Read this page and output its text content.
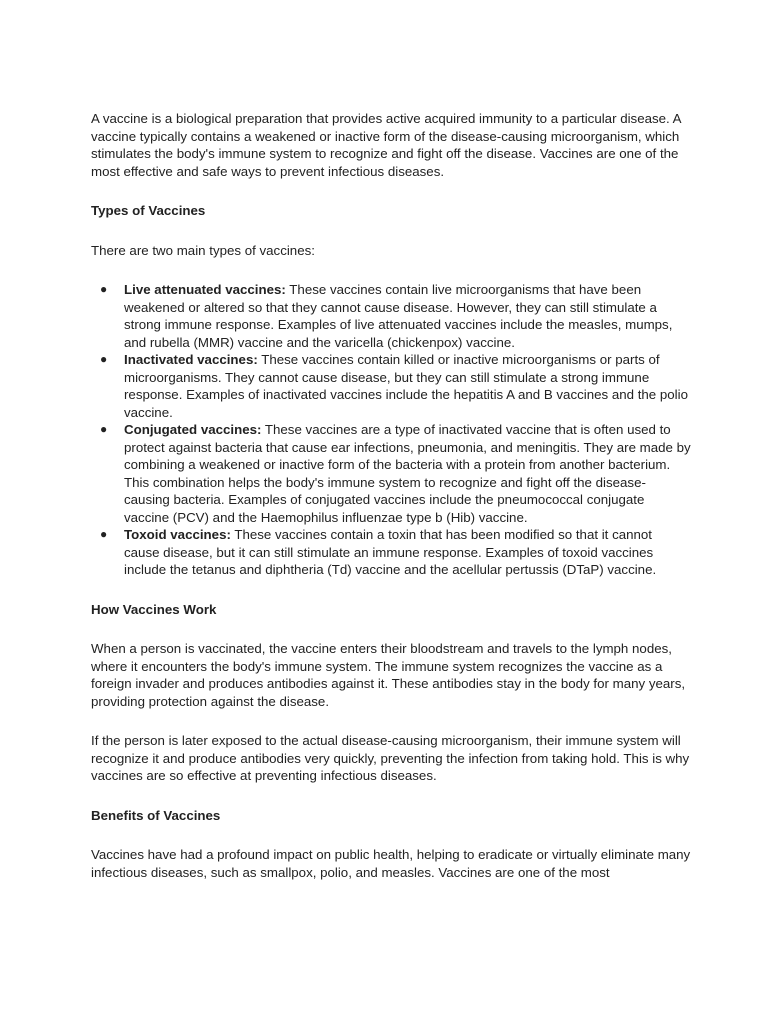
A vaccine is a biological preparation that provides active acquired immunity to a particular disease. A vaccine typically contains a weakened or inactive form of the disease-causing microorganism, which stimulates the body's immune system to recognize and fight off the disease. Vaccines are one of the most effective and safe ways to prevent infectious diseases.

Types of Vaccines

There are two main types of vaccines:

● Live attenuated vaccines: These vaccines contain live microorganisms that have been weakened or altered so that they cannot cause disease. However, they can still stimulate a strong immune response. Examples of live attenuated vaccines include the measles, mumps, and rubella (MMR) vaccine and the varicella (chickenpox) vaccine.
● Inactivated vaccines: These vaccines contain killed or inactive microorganisms or parts of microorganisms. They cannot cause disease, but they can still stimulate a strong immune response. Examples of inactivated vaccines include the hepatitis A and B vaccines and the polio vaccine.
● Conjugated vaccines: These vaccines are a type of inactivated vaccine that is often used to protect against bacteria that cause ear infections, pneumonia, and meningitis. They are made by combining a weakened or inactive form of the bacteria with a protein from another bacterium. This combination helps the body's immune system to recognize and fight off the disease-causing bacteria. Examples of conjugated vaccines include the pneumococcal conjugate vaccine (PCV) and the Haemophilus influenzae type b (Hib) vaccine.
● Toxoid vaccines: These vaccines contain a toxin that has been modified so that it cannot cause disease, but it can still stimulate an immune response. Examples of toxoid vaccines include the tetanus and diphtheria (Td) vaccine and the acellular pertussis (DTaP) vaccine.

How Vaccines Work

When a person is vaccinated, the vaccine enters their bloodstream and travels to the lymph nodes, where it encounters the body's immune system. The immune system recognizes the vaccine as a foreign invader and produces antibodies against it. These antibodies stay in the body for many years, providing protection against the disease.

If the person is later exposed to the actual disease-causing microorganism, their immune system will recognize it and produce antibodies very quickly, preventing the infection from taking hold. This is why vaccines are so effective at preventing infectious diseases.

Benefits of Vaccines

Vaccines have had a profound impact on public health, helping to eradicate or virtually eliminate many infectious diseases, such as smallpox, polio, and measles. Vaccines are one of the most
